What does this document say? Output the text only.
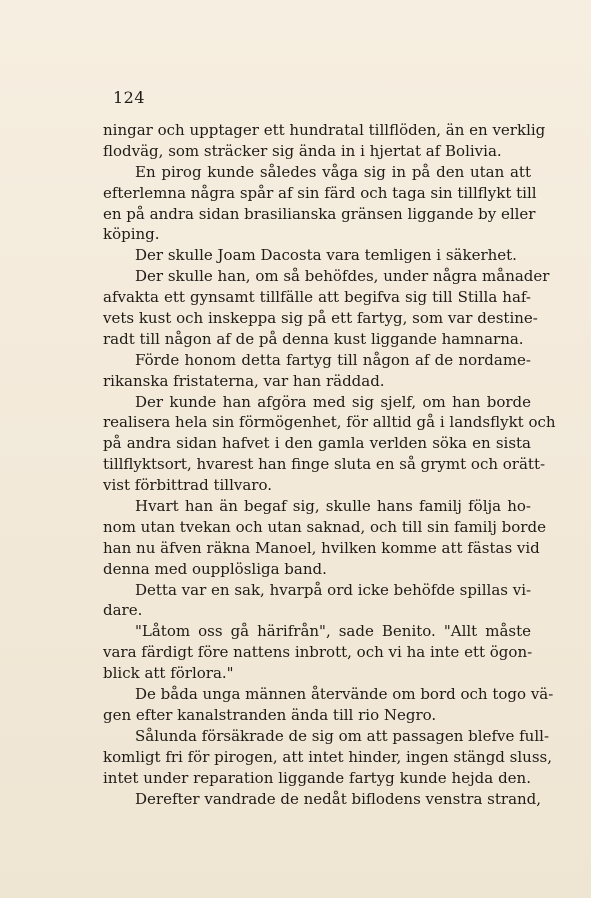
124
ningar och upptager ett hundratal tillflöden, än en verklig
flodväg, som sträcker sig ända in i hjertat af Bolivia.
En pirog kunde således våga sig in på den utan att
efterlemna några spår af sin färd och taga sin tillflykt till
en på andra sidan brasilianska gränsen liggande by eller
köping.
Der skulle Joam Dacosta vara temligen i säkerhet.
Der skulle han, om så behöfdes, under några månader
afvakta ett gynsamt tillfälle att begifva sig till Stilla haf-
vets kust och inskeppa sig på ett fartyg, som var destine-
radt till någon af de på denna kust liggande hamnarna.
Förde honom detta fartyg till någon af de nordame-
rikanska fristaterna, var han räddad.
Der kunde han afgöra med sig sjelf, om han borde
realisera hela sin förmögenhet, för alltid gå i landsflykt och
på andra sidan hafvet i den gamla verlden söka en sista
tillflyktsort, hvarest han finge sluta en så grymt och orätt-
vist förbittrad tillvaro.
Hvart han än begaf sig, skulle hans familj följa ho-
nom utan tvekan och utan saknad, och till sin familj borde
han nu äfven räkna Manoel, hvilken komme att fästas vid
denna med oupplösliga band.
Detta var en sak, hvarpå ord icke behöfde spillas vi-
dare.
"Låtom oss gå härifrån", sade Benito. "Allt måste
vara färdigt före nattens inbrott, och vi ha inte ett ögon-
blick att förlora."
De båda unga männen återvände om bord och togo vä-
gen efter kanalstranden ända till rio Negro.
Sålunda försäkrade de sig om att passagen blefve full-
komligt fri för pirogen, att intet hinder, ingen stängd sluss,
intet under reparation liggande fartyg kunde hejda den.
Derefter vandrade de nedåt biflodens venstra strand,
